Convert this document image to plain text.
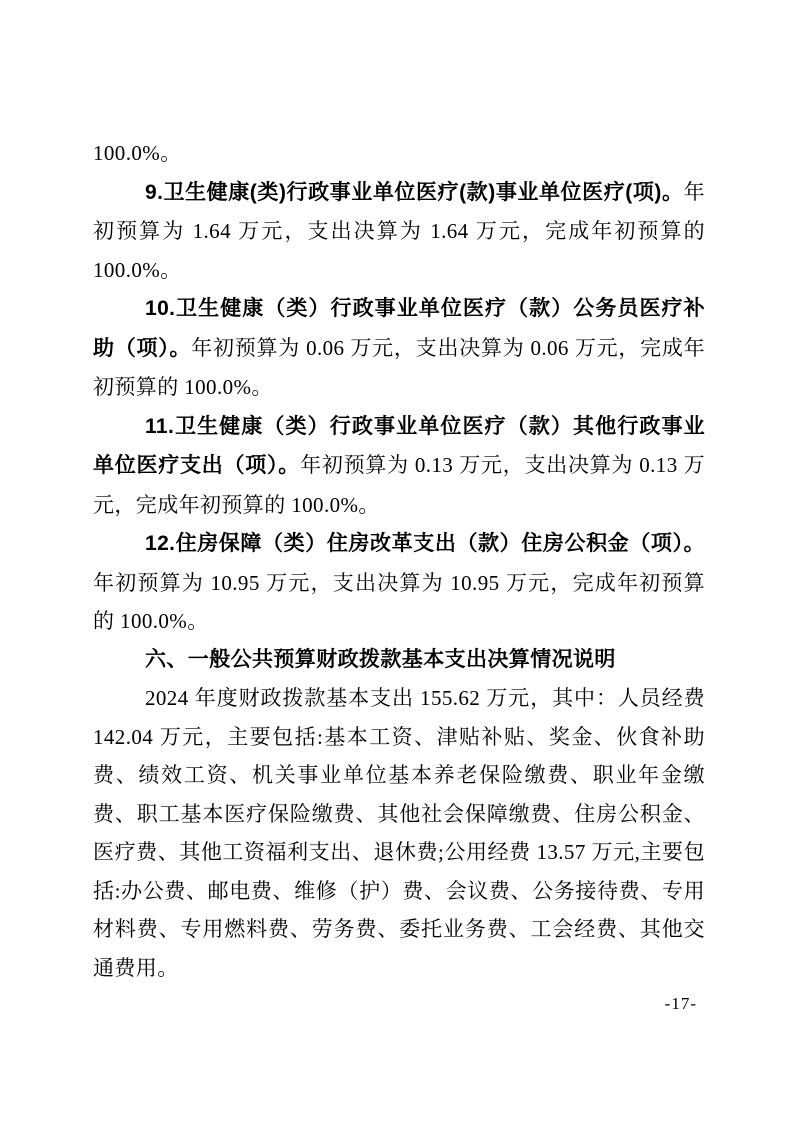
100.0%。

9.卫生健康(类)行政事业单位医疗(款)事业单位医疗(项)。年初预算为 1.64 万元，支出决算为 1.64 万元，完成年初预算的 100.0%。

10.卫生健康（类）行政事业单位医疗（款）公务员医疗补助（项）。年初预算为 0.06 万元，支出决算为 0.06 万元，完成年初预算的 100.0%。

11.卫生健康（类）行政事业单位医疗（款）其他行政事业单位医疗支出（项）。年初预算为 0.13 万元，支出决算为 0.13 万元，完成年初预算的 100.0%。

12.住房保障（类）住房改革支出（款）住房公积金（项）。年初预算为 10.95 万元，支出决算为 10.95 万元，完成年初预算的 100.0%。

六、一般公共预算财政拨款基本支出决算情况说明

2024 年度财政拨款基本支出 155.62 万元，其中：人员经费 142.04 万元，主要包括:基本工资、津贴补贴、奖金、伙食补助费、绩效工资、机关事业单位基本养老保险缴费、职业年金缴费、职工基本医疗保险缴费、其他社会保障缴费、住房公积金、医疗费、其他工资福利支出、退休费;公用经费 13.57 万元,主要包括:办公费、邮电费、维修（护）费、会议费、公务接待费、专用材料费、专用燃料费、劳务费、委托业务费、工会经费、其他交通费用。

-17-
